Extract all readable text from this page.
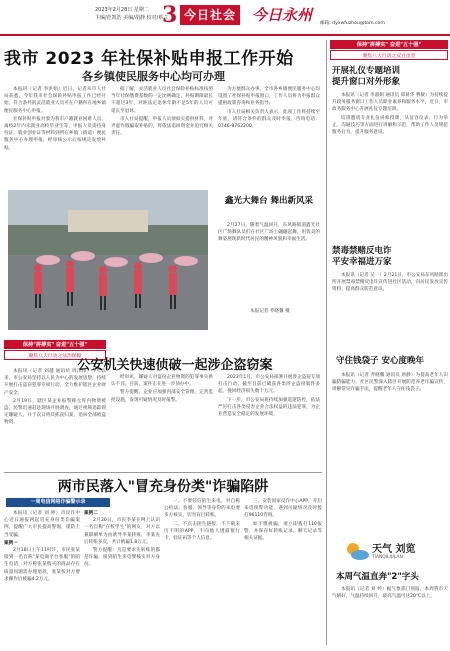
2023年2月28日 星期二
主编/范凯浩 美编/胡静 校对/蔡立
3 今日社会 今日永州 邮箱: dyxwfuzhou@tom.com
我市 2023 年社保补贴申报工作开始
各乡镇使民服务中心均可办理

本报讯（记者 李洪娟）近日，记者从市人社局获悉，今年我市社会保险补贴申报工作已经开始，符合条件的灵活就业人员可在户籍所在地乡镇便民服务中心申报。

社保补贴申报对象为我市户籍就业困难人员、离校2年内未就业高校毕业生等，申报人员需持身份证、就业创业证等材料到所在乡镇（街道）便民服务中心办理申报，经审核公示后按规定发放补贴。

据了解，灵活就业人员社会保险补贴标准按照当年社保缴费基数的一定比例确定，补贴期限最长不超过3年，对距法定退休年龄不足5年的人员可延长至退休。

市人社局提醒，申报人员须如实提供材料，对弄虚作假骗取补贴的，将依法追回资金并追究相关责任。

为方便群众办事，全市各乡镇便民服务中心均设置了社保补贴申报窗口，工作人员将为申报群众提供政策咨询和业务指导。

市人社局相关负责人表示，此项工作将持续至年底，请符合条件的群众及时申报，咨询电话：0746-8762200。

鑫光大舞台 舞出新风采
2月27日，随着气温回升，东风路街道鑫光社区广场舞队员们在社区广场上翩翩起舞，用优美的舞姿展现新时代居民的精神风貌和幸福生活。
本报记者 乔晓馨 摄
保持"拼搏实" 奋进"五十强"
聚焦八大行动之双百攻坚
开展礼仪专题培训
提升窗口对外形象

本报讯（记者 李淑娟 通讯员 郑易华 曹敏）为持续提升政务服务窗口工作人员职业素养和服务水平，近日，市政务服务中心开展礼仪专题培训。

培训邀请专业礼仪讲师授课，从仪容仪表、行为举止、沟通技巧等方面进行讲解和示范，帮助工作人员规范服务行为，提升服务意识。

禁毒禁赌反电诈
平安幸福进万家

本报讯（记者 吴一）2月21日，市公安局东风路派出所开展禁毒禁赌反电诈宣传进社区活动，向居民发放宣传资料，提高群众防范意识。

守住钱袋子 安心度晚年

本报讯（记者 乔晓馨 通讯员 唐静）为提高老年人识骗防骗能力，社区民警深入辖区开展防范养老诈骗宣传，讲解常见诈骗手法，提醒老年人守住钱袋子。

天气 刘览
TIANQILIULAN
本周气温直奔"2"字头

本报讯（记者 刘 婷）据气象部门预报，本周我市天气晴好，气温持续回升，最高气温可达20℃以上。

保持"拼搏实" 奋进"五十强"
聚焦八大行动之法治保障
公安机关快速侦破一起涉企盗窃案

本报讯（记者 刘越 通讯员 周泽锋）今年以来，市公安局坚持以人民为中心的发展思想，持续开展打击盗窃犯罪专项行动，全力维护辖区企业财产安全。

2月19日，辖区某企业报警称仓库内物资被盗，民警迅速赶赴现场开展调查，通过视频追踪锁定嫌疑人，并于次日将其抓获归案，追回全部被盗物资。

经审讯，嫌疑人对盗窃企业物资的犯罪事实供认不讳。目前，案件正在进一步侦办中。

警方提醒，企业应加强内部安全管理，完善监控设施，发现可疑情况及时报警。

2023年1月，市公安局部署开展涉企盗窃专项打击行动，截至目前已破获各类涉企盗窃案件多起，挽回经济损失数十万元。

下一步，市公安局将持续加强巡逻防控，依法严厉打击各类侵害企业合法权益的违法犯罪，为企业营造安全稳定的发展环境。

两市民落入"冒充身份类"诈骗陷阱
一周电信网络诈骗警示录

本报讯（记者 刘 婷）市反诈中心近日通报两起冒充身份类诈骗案例，提醒广大市民提高警惕，谨防上当受骗。

案例一

2月18日上午11时许，市民张某接到一名自称"某电商平台客服"的陌生电话，对方称张某购买的商品存在质量问题需办理退款，张某按对方要求操作后被骗4.2万元。

案例二

2月20日，市民李某在网上认识一名自称"在校学生"的网友，对方以兼职刷单为由诱导李某转账，李某先后转账多次，共计被骗1.8万元。

警方提醒：凡是要求先转账的都是诈骗，接到陌生来电要核实对方身份。

一、不要轻信陌生来电，对自称公检法、客服、领导等身份的来电要多方核实，切勿盲目转账。

二、不点击陌生链接，不下载来历不明的APP，不向他人透露银行卡、验证码等个人信息。

三、安装国家反诈中心APP，开启来电预警功能，遇到可疑情况及时拨打96110咨询。

如不慎被骗，请立即拨打110报警，并保存好转账记录、聊天记录等相关证据。
